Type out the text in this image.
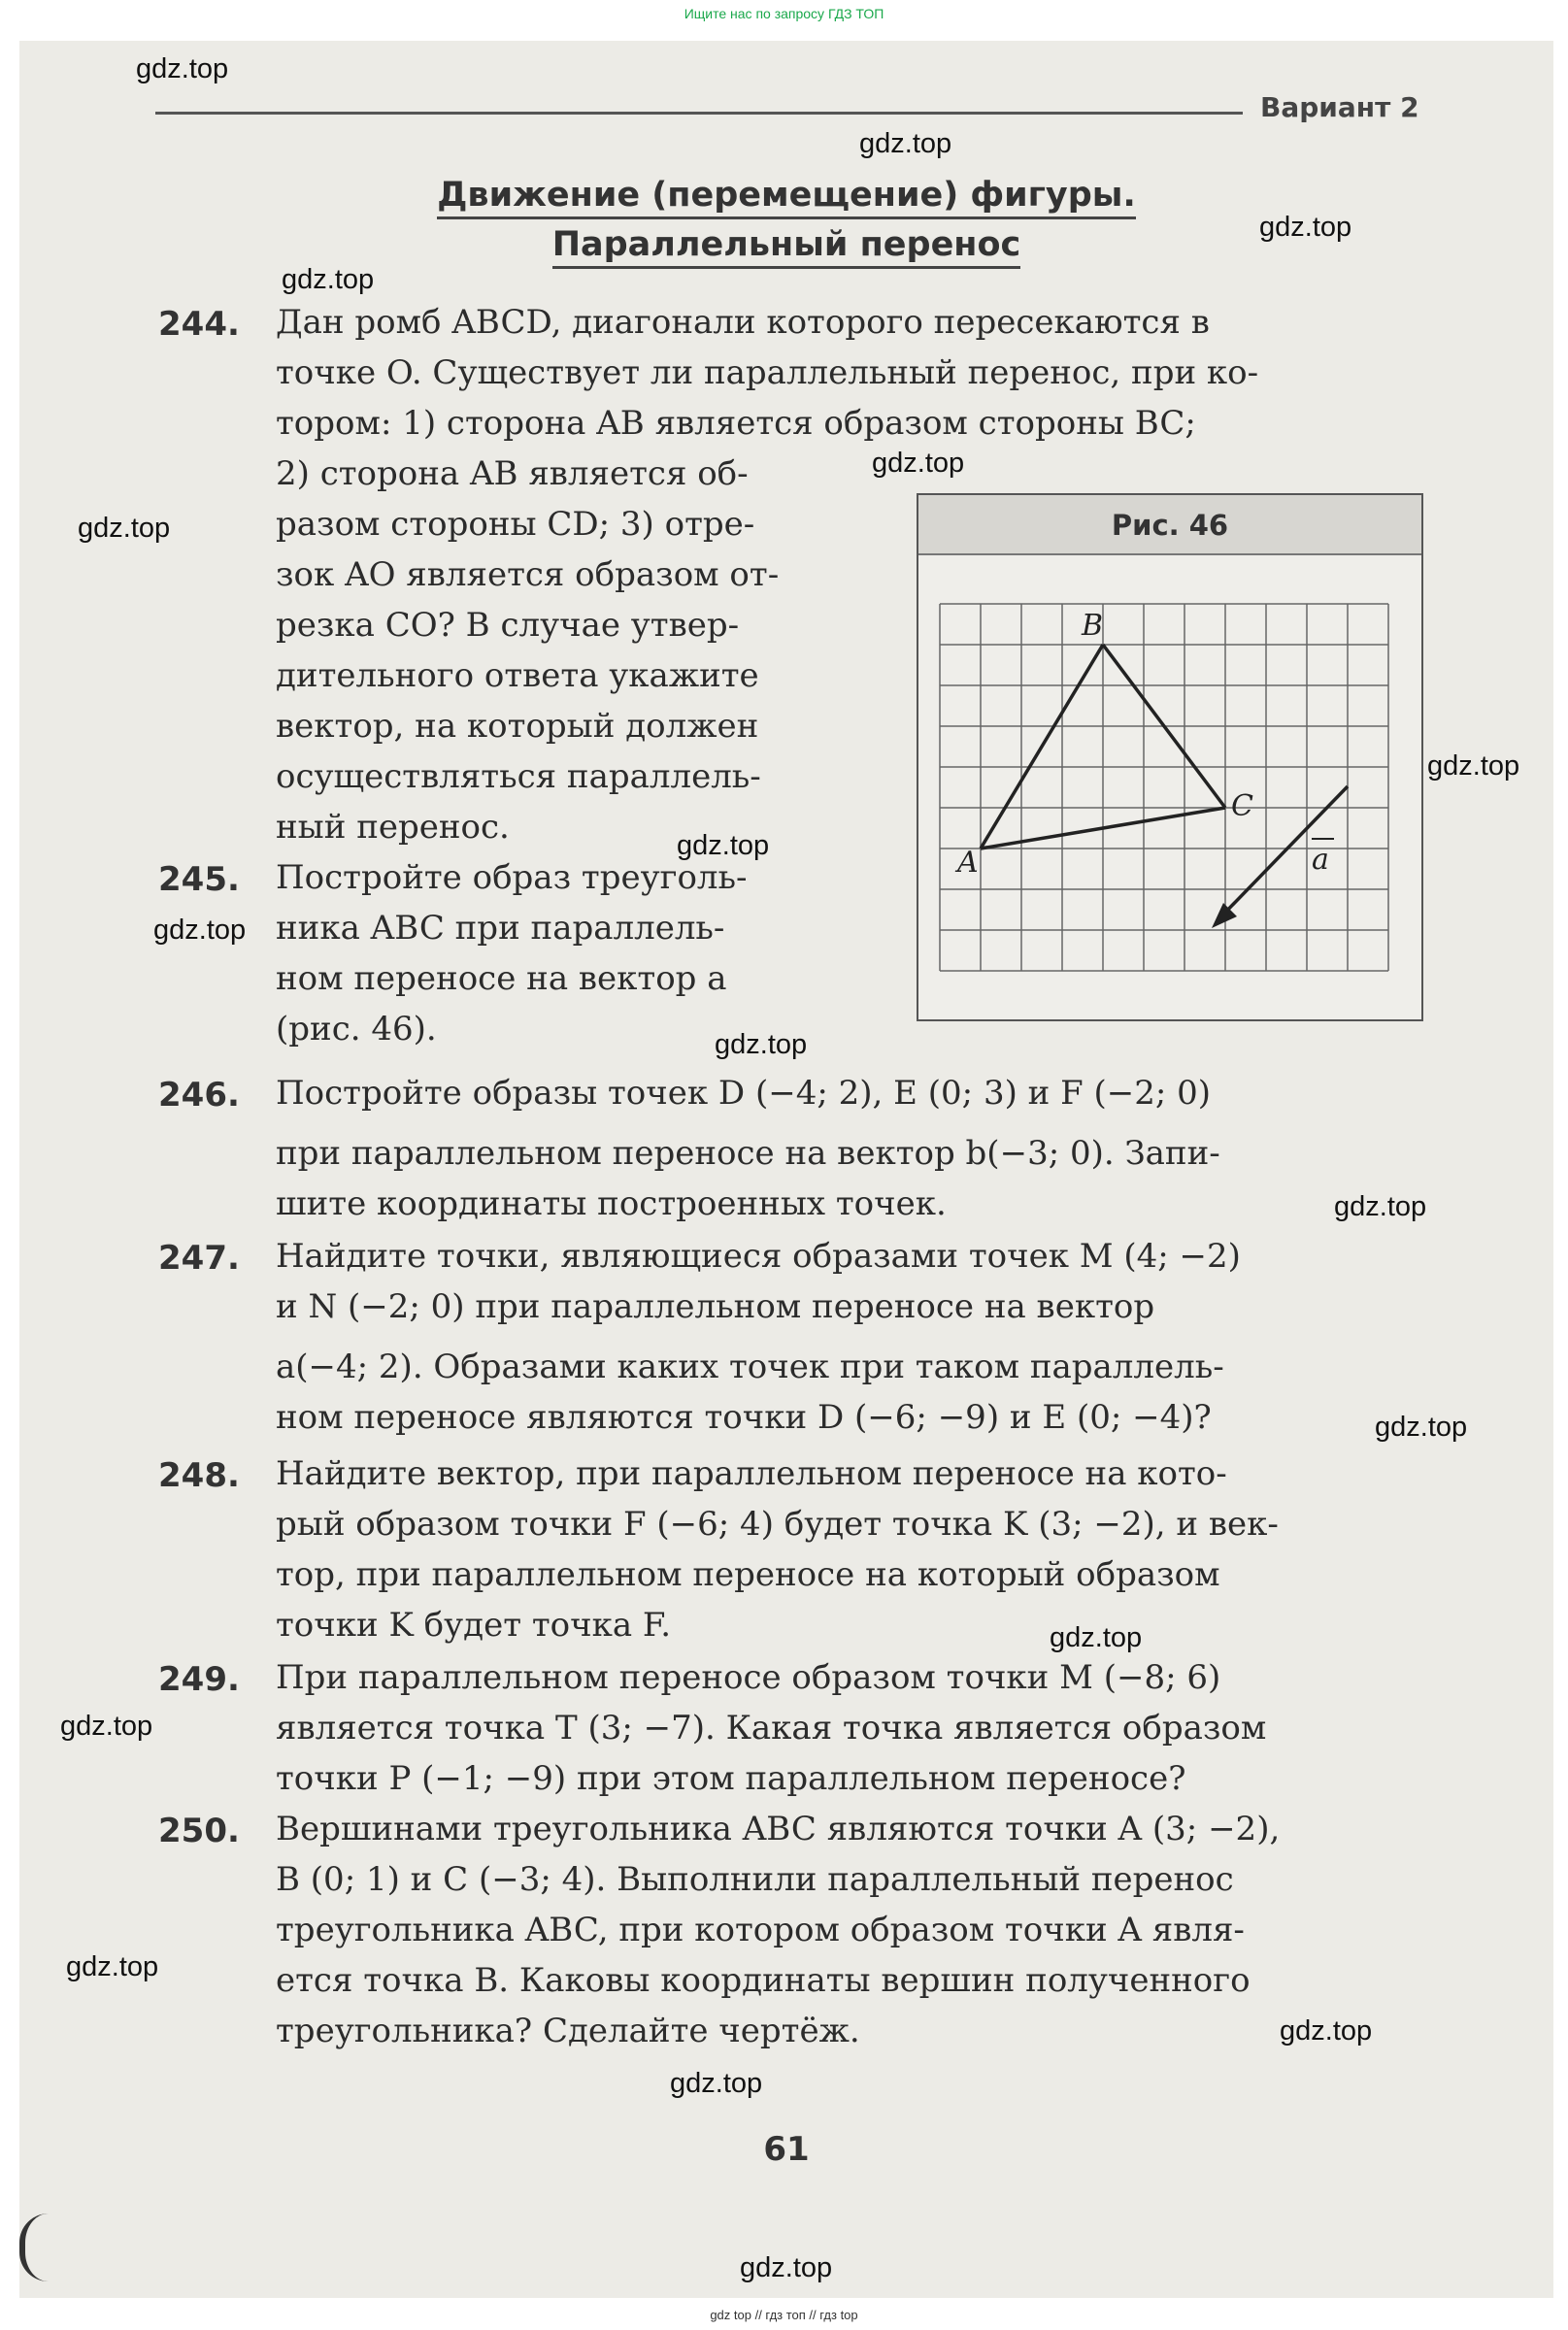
Ищите нас по запросу ГДЗ ТОП
gdz.top
gdz.top
gdz.top
gdz.top
gdz.top
gdz.top
gdz.top
gdz.top
gdz.top
gdz.top
gdz.top
gdz.top
gdz.top
gdz.top
gdz.top
gdz.top
gdz.top
gdz.top
Вариант 2
Движение (перемещение) фигуры.
Параллельный перенос
244. Дан ромб ABCD, диагонали которого пересекаются в
точке O. Существует ли параллельный перенос, при ко-
тором: 1) сторона AB является образом стороны BC;
2) сторона AB является об-
разом стороны CD; 3) отре-
зок AO является образом от-
резка CO? В случае утвер-
дительного ответа укажите
вектор, на который должен
осуществляться параллель-
ный перенос.
245. Постройте образ треуголь-
ника ABC при параллель-
ном переносе на вектор a
(рис. 46).
246. Постройте образы точек D (−4; 2), E (0; 3) и F (−2; 0)
при параллельном переносе на вектор b(−3; 0). Запи-
шите координаты построенных точек.
247. Найдите точки, являющиеся образами точек M (4; −2)
и N (−2; 0) при параллельном переносе на вектор
a(−4; 2). Образами каких точек при таком параллель-
ном переносе являются точки D (−6; −9) и E (0; −4)?
248. Найдите вектор, при параллельном переносе на кото-
рый образом точки F (−6; 4) будет точка K (3; −2), и век-
тор, при параллельном переносе на который образом
точки K будет точка F.
249. При параллельном переносе образом точки M (−8; 6)
является точка T (3; −7). Какая точка является образом
точки P (−1; −9) при этом параллельном переносе?
250. Вершинами треугольника ABC являются точки A (3; −2),
B (0; 1) и C (−3; 4). Выполнили параллельный перенос
треугольника ABC, при котором образом точки A явля-
ется точка B. Каковы координаты вершин полученного
треугольника? Сделайте чертёж.
Рис. 46
A
B
C
a
61
gdz top // гдз топ // гдз top
